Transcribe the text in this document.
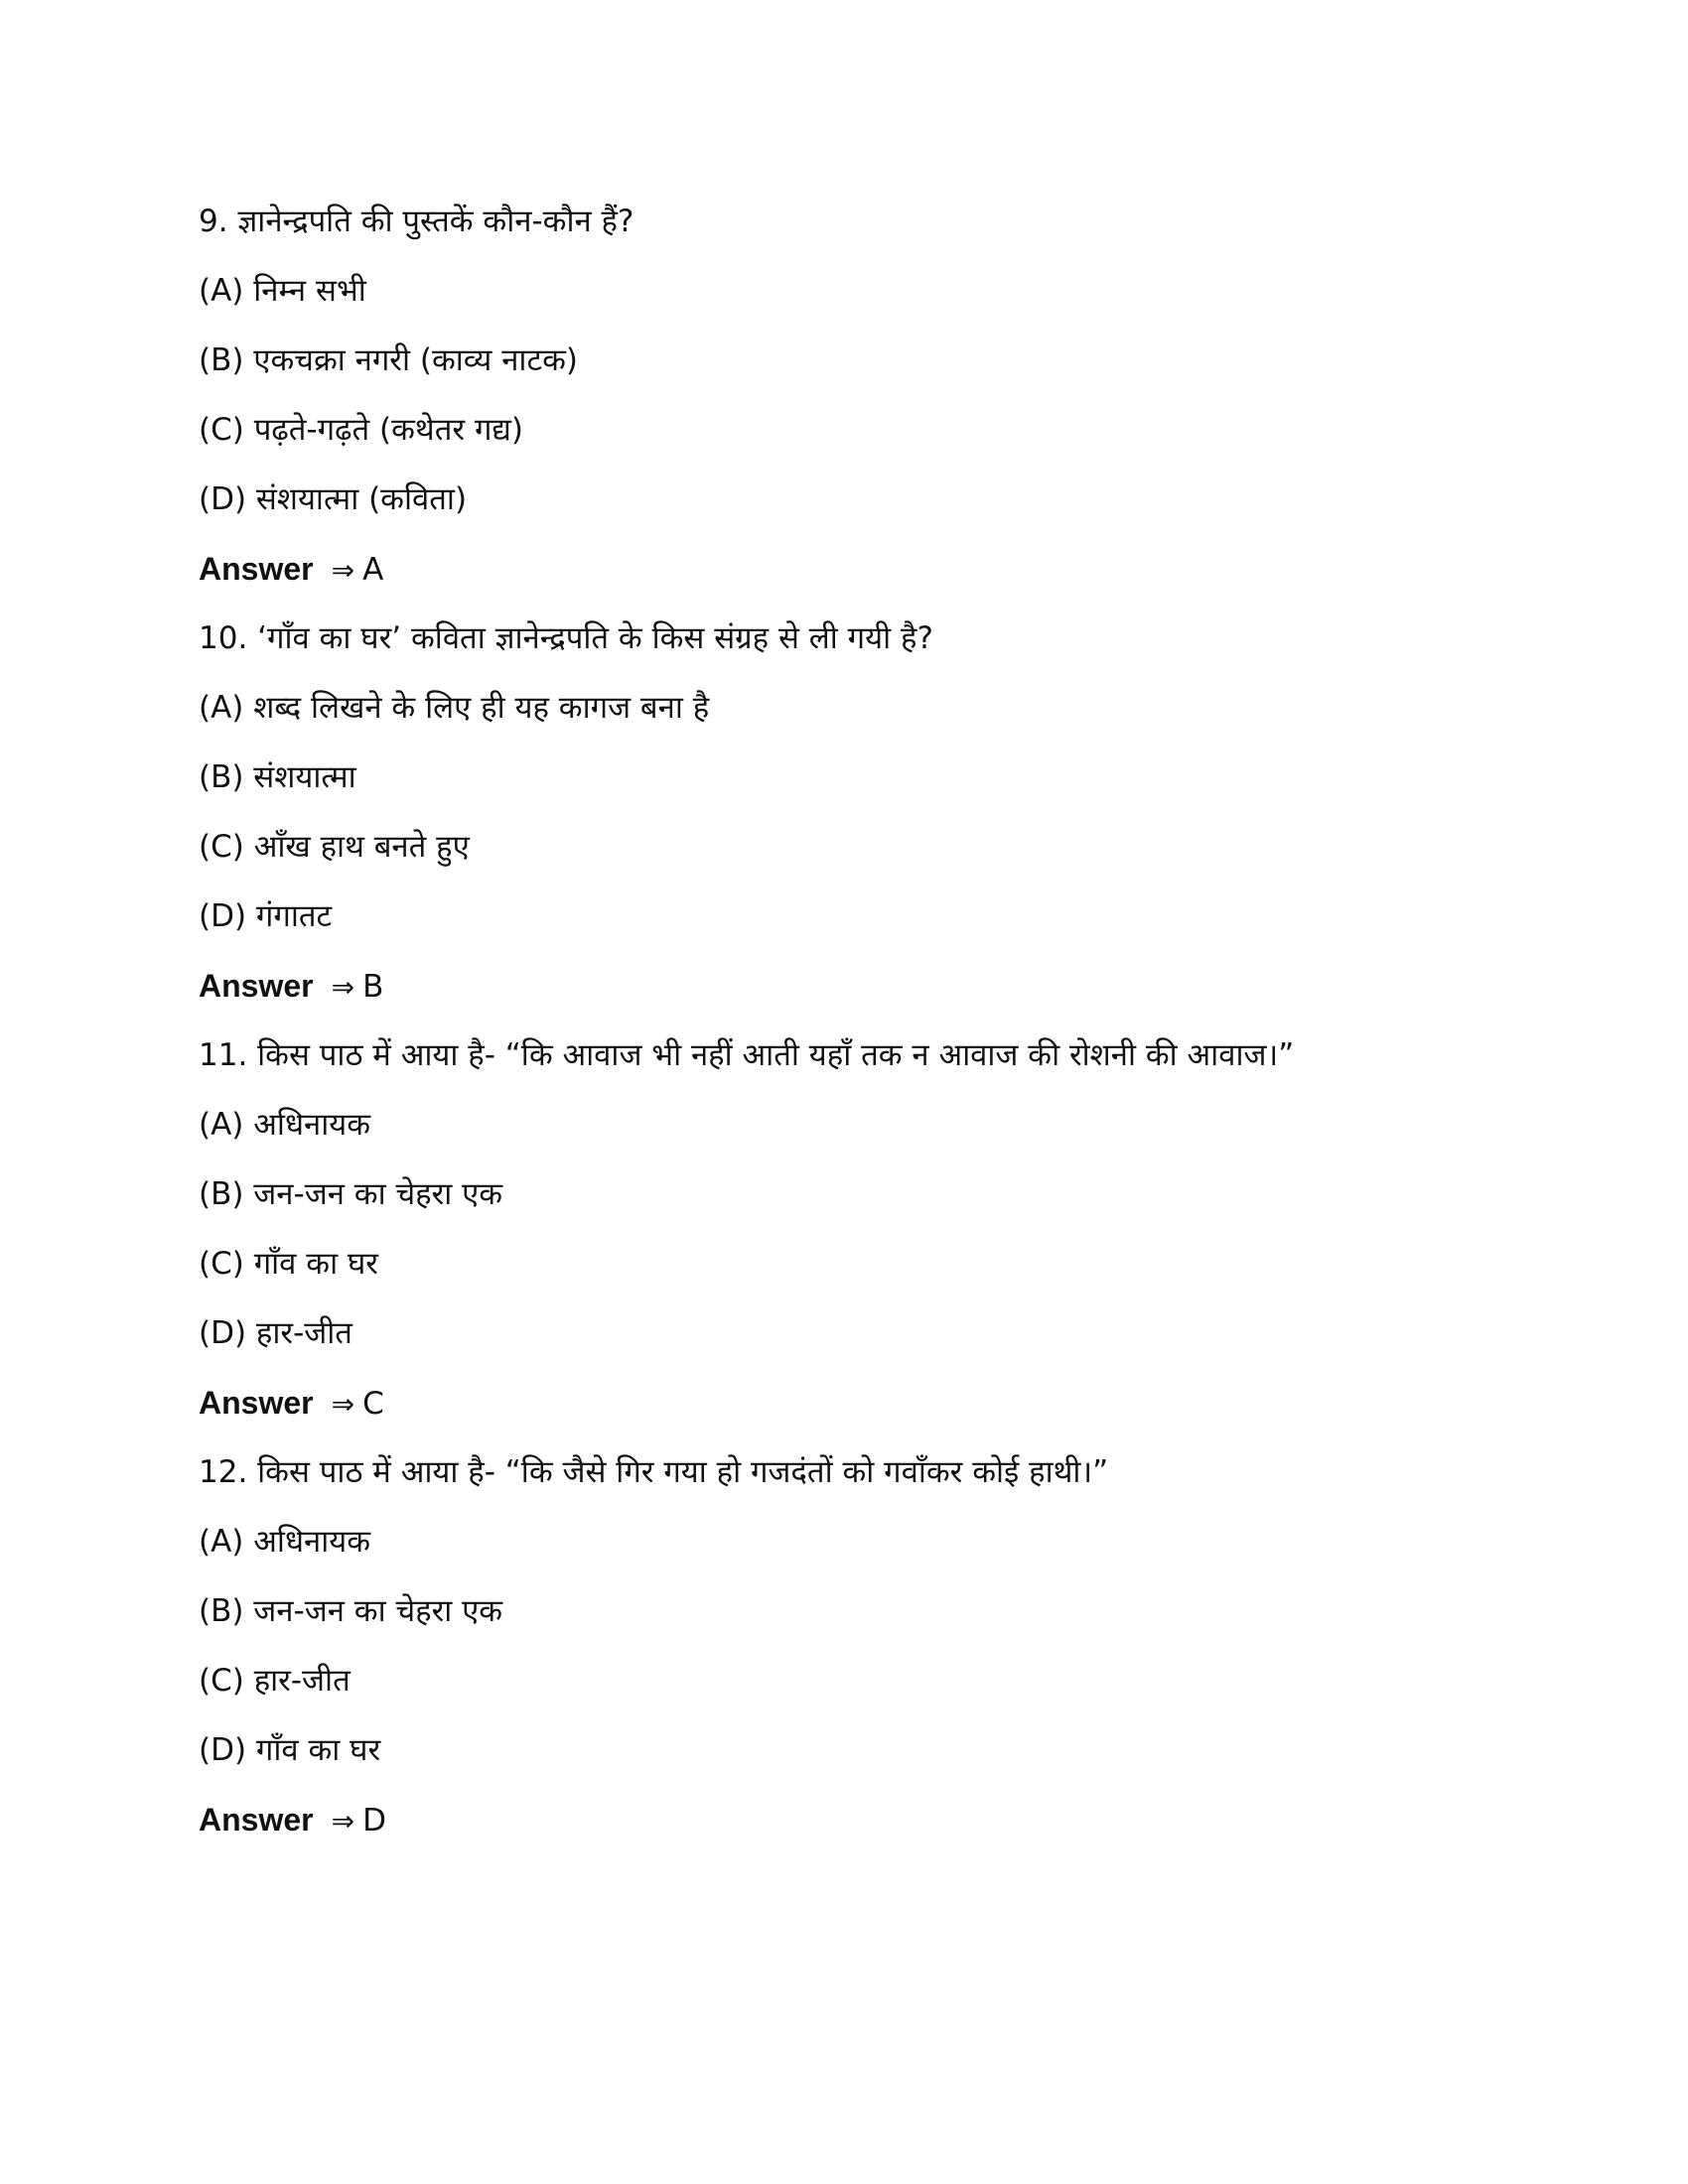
9. ज्ञानेन्द्रपति की पुस्तकें कौन-कौन हैं?
(A) निम्न सभी
(B) एकचक्रा नगरी (काव्य नाटक)
(C) पढ़ते-गढ़ते (कथेतर गद्य)
(D) संशयात्मा (कविता)
Answer ⇒ A
10. ‘गाँव का घर’ कविता ज्ञानेन्द्रपति के किस संग्रह से ली गयी है?
(A) शब्द लिखने के लिए ही यह कागज बना है
(B) संशयात्मा
(C) आँख हाथ बनते हुए
(D) गंगातट
Answer ⇒ B
11. किस पाठ में आया है- “कि आवाज भी नहीं आती यहाँ तक न आवाज की रोशनी की आवाज।”
(A) अधिनायक
(B) जन-जन का चेहरा एक
(C) गाँव का घर
(D) हार-जीत
Answer ⇒ C
12. किस पाठ में आया है- “कि जैसे गिर गया हो गजदंतों को गवाँकर कोई हाथी।”
(A) अधिनायक
(B) जन-जन का चेहरा एक
(C) हार-जीत
(D) गाँव का घर
Answer ⇒ D
